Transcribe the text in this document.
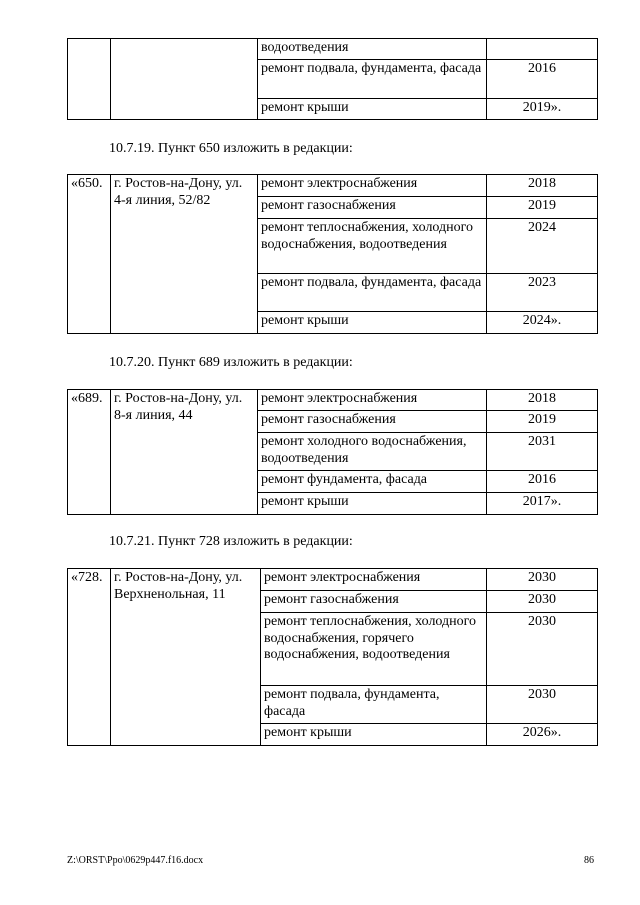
		водоотведения	
		ремонт подвала, фундамента, фасада	2016
		ремонт крыши	2019».
10.7.19. Пункт 650 изложить в редакции:
«650.	г. Ростов-на-Дону, ул. 4-я линия, 52/82	ремонт электроснабжения	2018
		ремонт газоснабжения	2019
		ремонт теплоснабжения, холодного водоснабжения, водоотведения	2024
		ремонт подвала, фундамента, фасада	2023
		ремонт крыши	2024».
10.7.20. Пункт 689 изложить в редакции:
«689.	г. Ростов-на-Дону, ул. 8-я линия, 44	ремонт электроснабжения	2018
		ремонт газоснабжения	2019
		ремонт холодного водоснабжения, водоотведения	2031
		ремонт фундамента, фасада	2016
		ремонт крыши	2017».
10.7.21. Пункт 728 изложить в редакции:
«728.	г. Ростов-на-Дону, ул. Верхненольная, 11	ремонт электроснабжения	2030
		ремонт газоснабжения	2030
		ремонт теплоснабжения, холодного водоснабжения, горячего водоснабжения, водоотведения	2030
		ремонт подвала, фундамента, фасада	2030
		ремонт крыши	2026».
Z:\ORST\Ppo\0629p447.f16.docx	86
